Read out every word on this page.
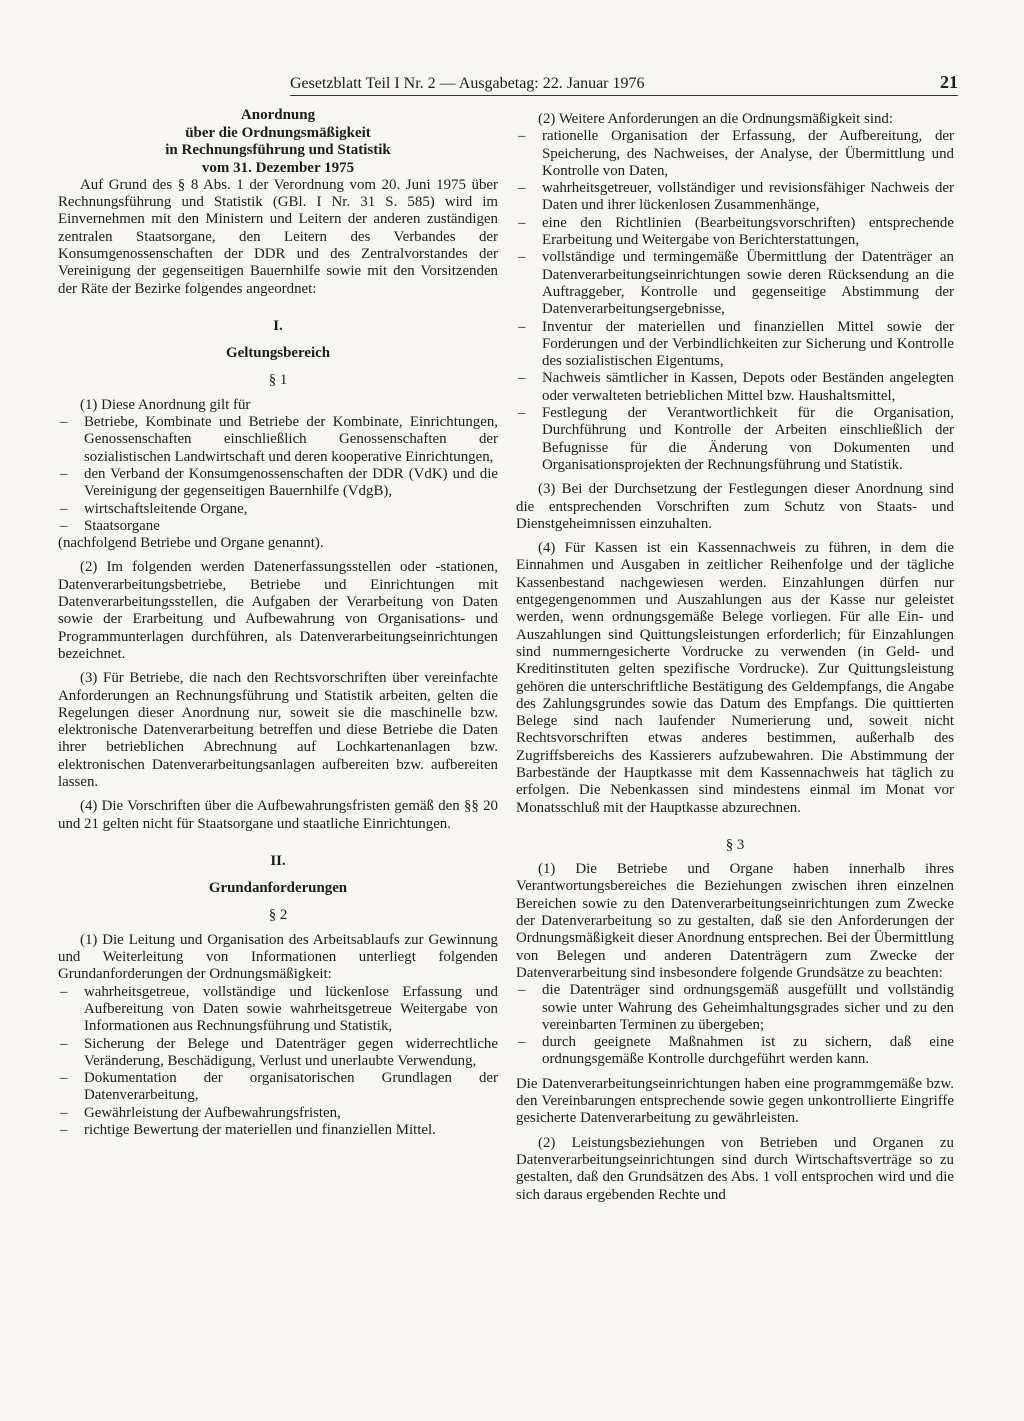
Gesetzblatt Teil I Nr. 2 — Ausgabetag: 22. Januar 1976	21

Anordnung

über die Ordnungsmäßigkeit

in Rechnungsführung und Statistik

vom 31. Dezember 1975

Auf Grund des § 8 Abs. 1 der Verordnung vom 20. Juni 1975 über Rechnungsführung und Statistik (GBl. I Nr. 31 S. 585) wird im Einvernehmen mit den Ministern und Leitern der anderen zuständigen zentralen Staatsorgane, den Leitern des Verbandes der Konsumgenossenschaften der DDR und des Zentralvorstandes der Vereinigung der gegenseitigen Bauernhilfe sowie mit den Vorsitzenden der Räte der Bezirke folgendes angeordnet:

I.

Geltungsbereich

§ 1

(1) Diese Anordnung gilt für

– Betriebe, Kombinate und Betriebe der Kombinate, Einrichtungen, Genossenschaften einschließlich Genossenschaften der sozialistischen Landwirtschaft und deren kooperative Einrichtungen,

– den Verband der Konsumgenossenschaften der DDR (VdK) und die Vereinigung der gegenseitigen Bauernhilfe (VdgB),

– wirtschaftsleitende Organe,

– Staatsorgane

(nachfolgend Betriebe und Organe genannt).

(2) Im folgenden werden Datenerfassungsstellen oder -stationen, Datenverarbeitungsbetriebe, Betriebe und Einrichtungen mit Datenverarbeitungsstellen, die Aufgaben der Verarbeitung von Daten sowie der Erarbeitung und Aufbewahrung von Organisations- und Programmunterlagen durchführen, als Datenverarbeitungseinrichtungen bezeichnet.

(3) Für Betriebe, die nach den Rechtsvorschriften über vereinfachte Anforderungen an Rechnungsführung und Statistik arbeiten, gelten die Regelungen dieser Anordnung nur, soweit sie die maschinelle bzw. elektronische Datenverarbeitung betreffen und diese Betriebe die Daten ihrer betrieblichen Abrechnung auf Lochkartenanlagen bzw. elektronischen Datenverarbeitungsanlagen aufbereiten bzw. aufbereiten lassen.

(4) Die Vorschriften über die Aufbewahrungsfristen gemäß den §§ 20 und 21 gelten nicht für Staatsorgane und staatliche Einrichtungen.

II.

Grundanforderungen

§ 2

(1) Die Leitung und Organisation des Arbeitsablaufs zur Gewinnung und Weiterleitung von Informationen unterliegt folgenden Grundanforderungen der Ordnungsmäßigkeit:

– wahrheitsgetreue, vollständige und lückenlose Erfassung und Aufbereitung von Daten sowie wahrheitsgetreue Weitergabe von Informationen aus Rechnungsführung und Statistik,

– Sicherung der Belege und Datenträger gegen widerrechtliche Veränderung, Beschädigung, Verlust und unerlaubte Verwendung,

– Dokumentation der organisatorischen Grundlagen der Datenverarbeitung,

– Gewährleistung der Aufbewahrungsfristen,

– richtige Bewertung der materiellen und finanziellen Mittel.

(2) Weitere Anforderungen an die Ordnungsmäßigkeit sind:

– rationelle Organisation der Erfassung, der Aufbereitung, der Speicherung, des Nachweises, der Analyse, der Übermittlung und Kontrolle von Daten,

– wahrheitsgetreuer, vollständiger und revisionsfähiger Nachweis der Daten und ihrer lückenlosen Zusammenhänge,

– eine den Richtlinien (Bearbeitungsvorschriften) entsprechende Erarbeitung und Weitergabe von Berichterstattungen,

– vollständige und termingemäße Übermittlung der Datenträger an Datenverarbeitungseinrichtungen sowie deren Rücksendung an die Auftraggeber, Kontrolle und gegenseitige Abstimmung der Datenverarbeitungsergebnisse,

– Inventur der materiellen und finanziellen Mittel sowie der Forderungen und der Verbindlichkeiten zur Sicherung und Kontrolle des sozialistischen Eigentums,

– Nachweis sämtlicher in Kassen, Depots oder Beständen angelegten oder verwalteten betrieblichen Mittel bzw. Haushaltsmittel,

– Festlegung der Verantwortlichkeit für die Organisation, Durchführung und Kontrolle der Arbeiten einschließlich der Befugnisse für die Änderung von Dokumenten und Organisationsprojekten der Rechnungsführung und Statistik.

(3) Bei der Durchsetzung der Festlegungen dieser Anordnung sind die entsprechenden Vorschriften zum Schutz von Staats- und Dienstgeheimnissen einzuhalten.

(4) Für Kassen ist ein Kassennachweis zu führen, in dem die Einnahmen und Ausgaben in zeitlicher Reihenfolge und der tägliche Kassenbestand nachgewiesen werden. Einzahlungen dürfen nur entgegengenommen und Auszahlungen aus der Kasse nur geleistet werden, wenn ordnungsgemäße Belege vorliegen. Für alle Ein- und Auszahlungen sind Quittungsleistungen erforderlich; für Einzahlungen sind nummerngesicherte Vordrucke zu verwenden (in Geld- und Kreditinstituten gelten spezifische Vordrucke). Zur Quittungsleistung gehören die unterschriftliche Bestätigung des Geldempfangs, die Angabe des Zahlungsgrundes sowie das Datum des Empfangs. Die quittierten Belege sind nach laufender Numerierung und, soweit nicht Rechtsvorschriften etwas anderes bestimmen, außerhalb des Zugriffsbereichs des Kassierers aufzubewahren. Die Abstimmung der Barbestände der Hauptkasse mit dem Kassennachweis hat täglich zu erfolgen. Die Nebenkassen sind mindestens einmal im Monat vor Monatsschluß mit der Hauptkasse abzurechnen.

§ 3

(1) Die Betriebe und Organe haben innerhalb ihres Verantwortungsbereiches die Beziehungen zwischen ihren einzelnen Bereichen sowie zu den Datenverarbeitungseinrichtungen zum Zwecke der Datenverarbeitung so zu gestalten, daß sie den Anforderungen der Ordnungsmäßigkeit dieser Anordnung entsprechen. Bei der Übermittlung von Belegen und anderen Datenträgern zum Zwecke der Datenverarbeitung sind insbesondere folgende Grundsätze zu beachten:

– die Datenträger sind ordnungsgemäß ausgefüllt und vollständig sowie unter Wahrung des Geheimhaltungsgrades sicher und zu den vereinbarten Terminen zu übergeben;

– durch geeignete Maßnahmen ist zu sichern, daß eine ordnungsgemäße Kontrolle durchgeführt werden kann.

Die Datenverarbeitungseinrichtungen haben eine programmgemäße bzw. den Vereinbarungen entsprechende sowie gegen unkontrollierte Eingriffe gesicherte Datenverarbeitung zu gewährleisten.

(2) Leistungsbeziehungen von Betrieben und Organen zu Datenverarbeitungseinrichtungen sind durch Wirtschaftsverträge so zu gestalten, daß den Grundsätzen des Abs. 1 voll entsprochen wird und die sich daraus ergebenden Rechte und
